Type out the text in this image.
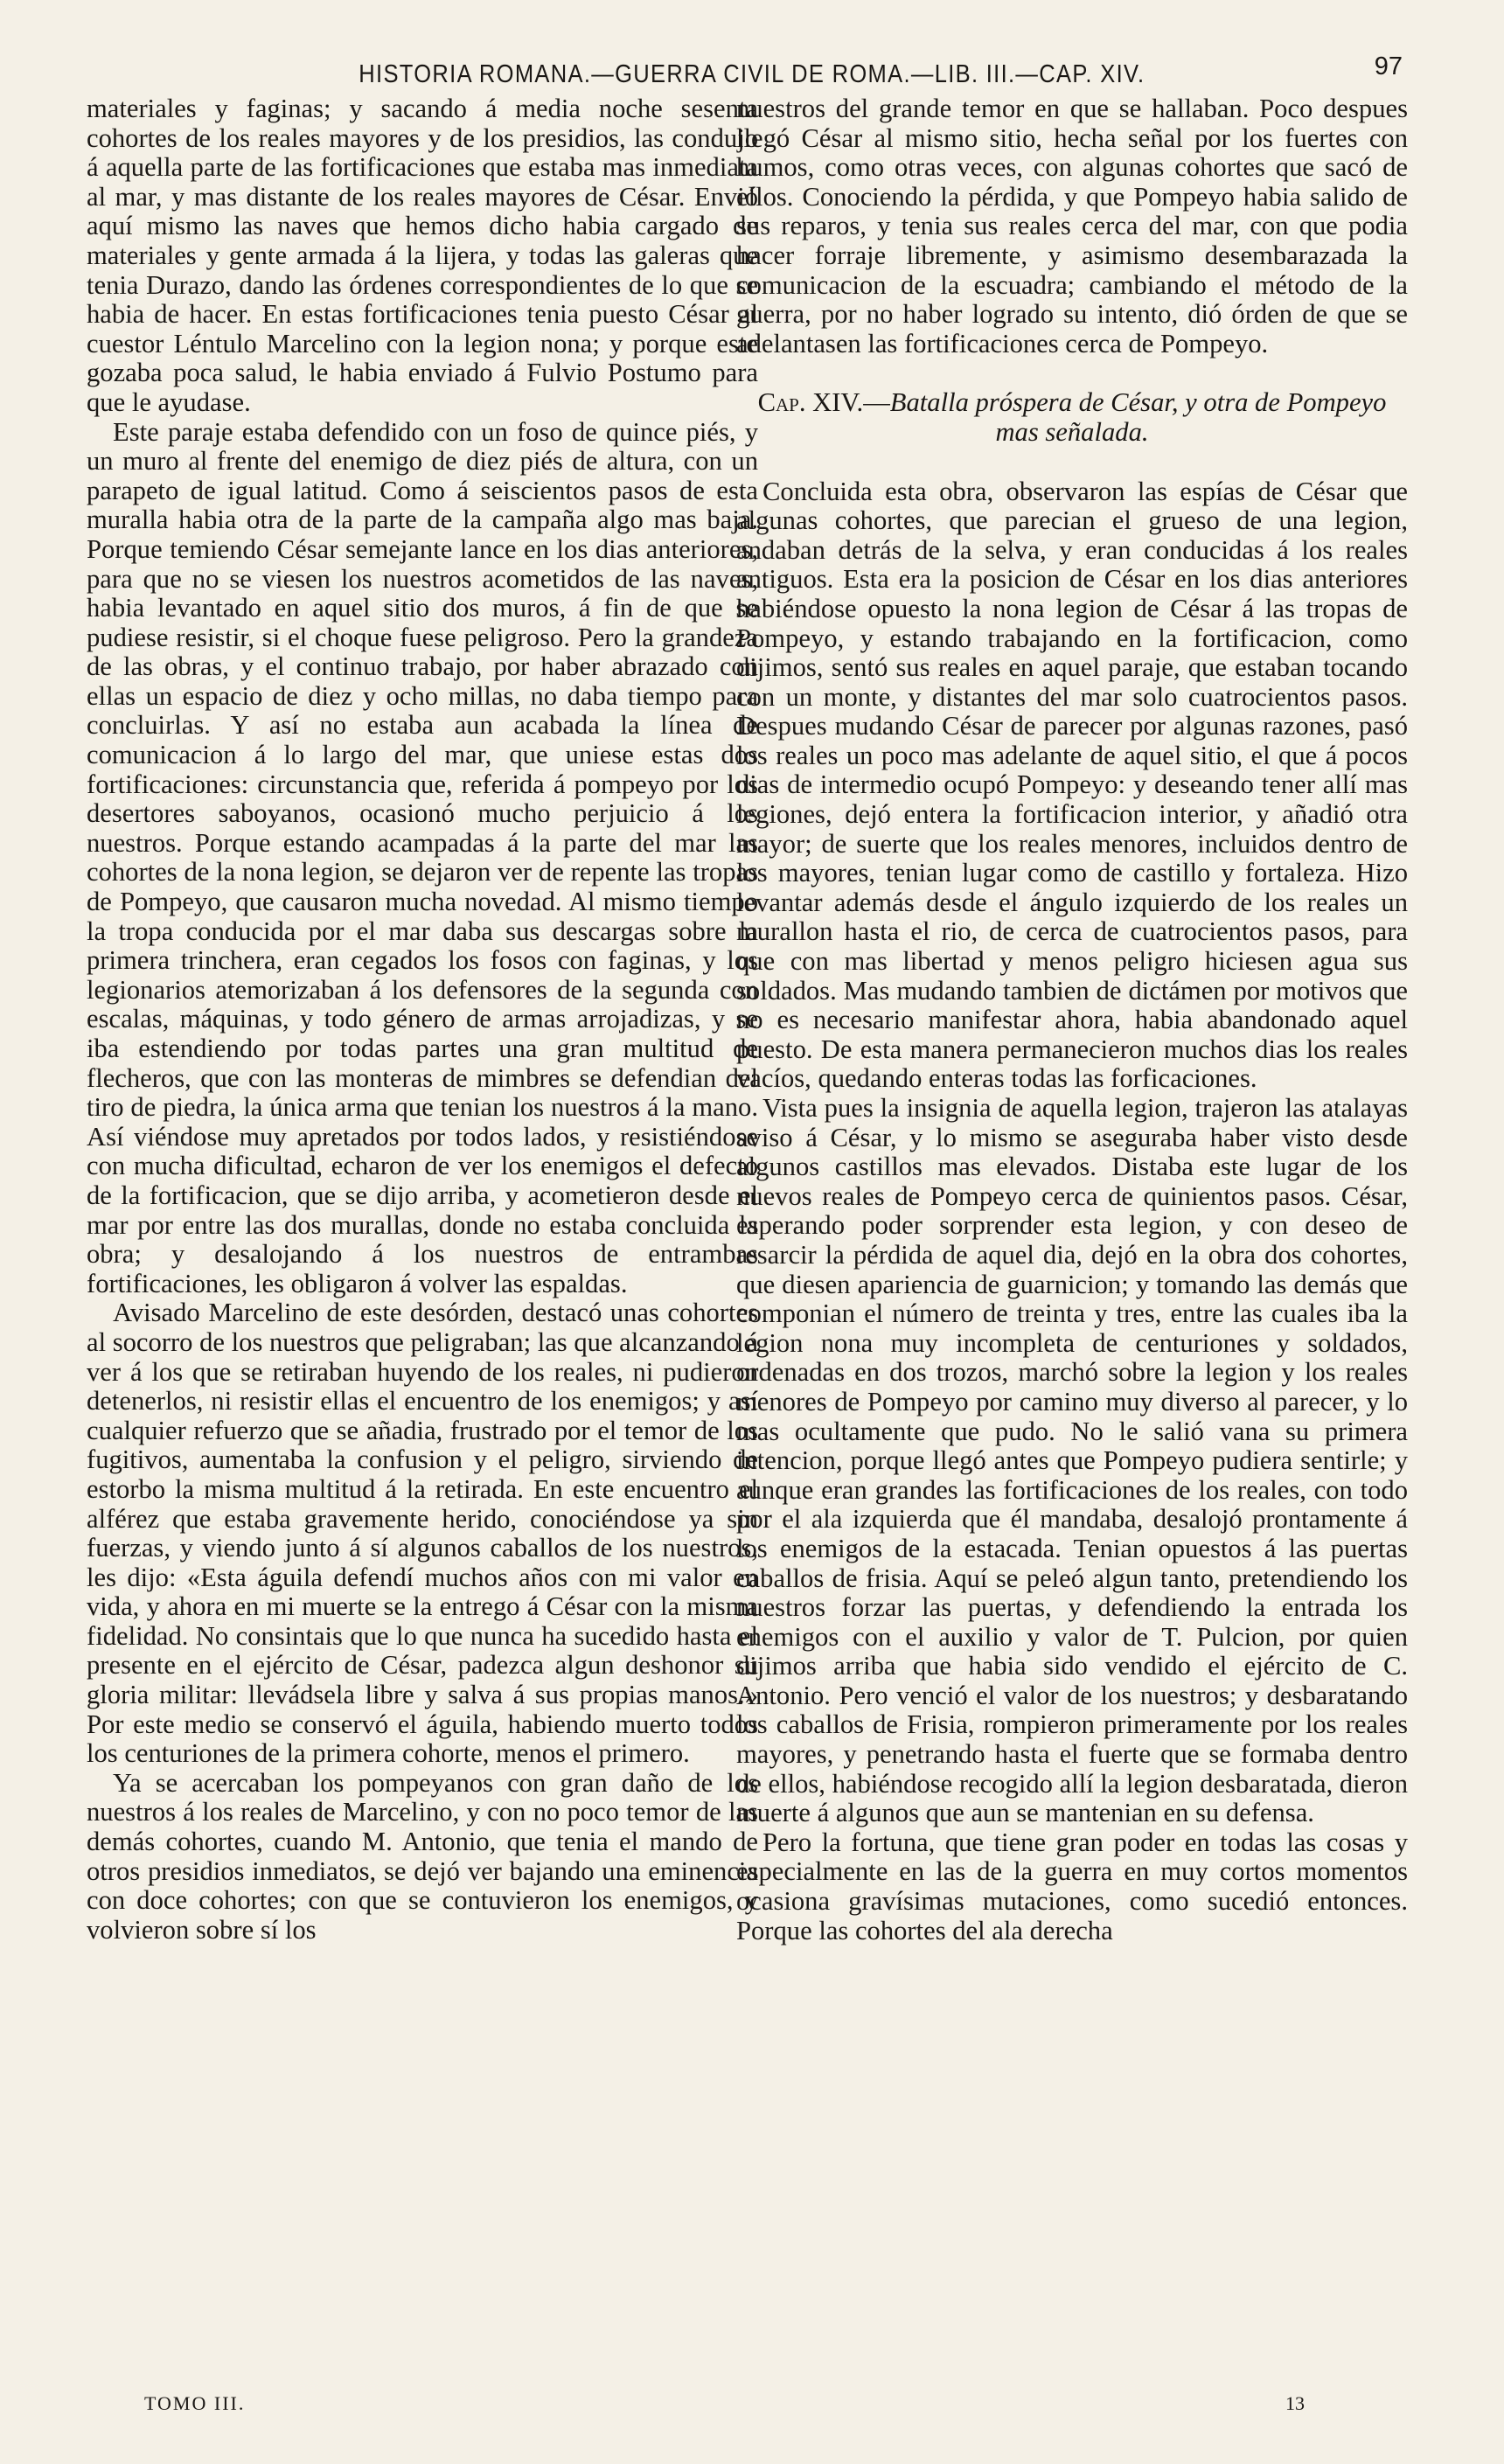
HISTORIA ROMANA.—GUERRA CIVIL DE ROMA.—LIB. III.—CAP. XIV.	97

materiales y faginas; y sacando á media noche sesenta cohortes de los reales mayores y de los presidios, las condujo á aquella parte de las fortificaciones que estaba mas inmediata al mar, y mas distante de los reales mayores de César. Envió aquí mismo las naves que hemos dicho habia cargado de materiales y gente armada á la lijera, y todas las galeras que tenia Durazo, dando las órdenes correspondientes de lo que se habia de hacer. En estas fortificaciones tenia puesto César al cuestor Léntulo Marcelino con la legion nona; y porque este gozaba poca salud, le habia enviado á Fulvio Postumo para que le ayudase.

Este paraje estaba defendido con un foso de quince piés, y un muro al frente del enemigo de diez piés de altura, con un parapeto de igual latitud. Como á seiscientos pasos de esta muralla habia otra de la parte de la campaña algo mas baja. Porque temiendo César semejante lance en los dias anteriores, para que no se viesen los nuestros acometidos de las naves, habia levantado en aquel sitio dos muros, á fin de que se pudiese resistir, si el choque fuese peligroso. Pero la grandeza de las obras, y el continuo trabajo, por haber abrazado con ellas un espacio de diez y ocho millas, no daba tiempo para concluirlas. Y así no estaba aun acabada la línea de comunicacion á lo largo del mar, que uniese estas dos fortificaciones: circunstancia que, referida á pompeyo por los desertores saboyanos, ocasionó mucho perjuicio á los nuestros. Porque estando acampadas á la parte del mar las cohortes de la nona legion, se dejaron ver de repente las tropas de Pompeyo, que causaron mucha novedad. Al mismo tiempo la tropa conducida por el mar daba sus descargas sobre la primera trinchera, eran cegados los fosos con faginas, y los legionarios atemorizaban á los defensores de la segunda con escalas, máquinas, y todo género de armas arrojadizas, y se iba estendiendo por todas partes una gran multitud de flecheros, que con las monteras de mimbres se defendian del tiro de piedra, la única arma que tenian los nuestros á la mano. Así viéndose muy apretados por todos lados, y resistiéndose con mucha dificultad, echaron de ver los enemigos el defecto de la fortificacion, que se dijo arriba, y acometieron desde el mar por entre las dos murallas, donde no estaba concluida la obra; y desalojando á los nuestros de entrambas fortificaciones, les obligaron á volver las espaldas.

Avisado Marcelino de este desórden, destacó unas cohortes al socorro de los nuestros que peligraban; las que alcanzando á ver á los que se retiraban huyendo de los reales, ni pudieron detenerlos, ni resistir ellas el encuentro de los enemigos; y así cualquier refuerzo que se añadia, frustrado por el temor de los fugitivos, aumentaba la confusion y el peligro, sirviendo de estorbo la misma multitud á la retirada. En este encuentro el alférez que estaba gravemente herido, conociéndose ya sin fuerzas, y viendo junto á sí algunos caballos de los nuestros, les dijo: «Esta águila defendí muchos años con mi valor en vida, y ahora en mi muerte se la entrego á César con la misma fidelidad. No consintais que lo que nunca ha sucedido hasta el presente en el ejército de César, padezca algun deshonor su gloria militar: llevádsela libre y salva á sus propias manos.» Por este medio se conservó el águila, habiendo muerto todos los centuriones de la primera cohorte, menos el primero.

Ya se acercaban los pompeyanos con gran daño de los nuestros á los reales de Marcelino, y con no poco temor de las demás cohortes, cuando M. Antonio, que tenia el mando de otros presidios inmediatos, se dejó ver bajando una eminencia con doce cohortes; con que se contuvieron los enemigos, y volvieron sobre sí los

nuestros del grande temor en que se hallaban. Poco despues llegó César al mismo sitio, hecha señal por los fuertes con humos, como otras veces, con algunas cohortes que sacó de ellos. Conociendo la pérdida, y que Pompeyo habia salido de sus reparos, y tenia sus reales cerca del mar, con que podia hacer forraje libremente, y asimismo desembarazada la comunicacion de la escuadra; cambiando el método de la guerra, por no haber logrado su intento, dió órden de que se adelantasen las fortificaciones cerca de Pompeyo.

Cap. XIV.—Batalla próspera de César, y otra de Pompeyo mas señalada.

Concluida esta obra, observaron las espías de César que algunas cohortes, que parecian el grueso de una legion, andaban detrás de la selva, y eran conducidas á los reales antiguos. Esta era la posicion de César en los dias anteriores habiéndose opuesto la nona legion de César á las tropas de Pompeyo, y estando trabajando en la fortificacion, como dijimos, sentó sus reales en aquel paraje, que estaban tocando con un monte, y distantes del mar solo cuatrocientos pasos. Despues mudando César de parecer por algunas razones, pasó los reales un poco mas adelante de aquel sitio, el que á pocos dias de intermedio ocupó Pompeyo: y deseando tener allí mas legiones, dejó entera la fortificacion interior, y añadió otra mayor; de suerte que los reales menores, incluidos dentro de los mayores, tenian lugar como de castillo y fortaleza. Hizo levantar además desde el ángulo izquierdo de los reales un murallon hasta el rio, de cerca de cuatrocientos pasos, para que con mas libertad y menos peligro hiciesen agua sus soldados. Mas mudando tambien de dictámen por motivos que no es necesario manifestar ahora, habia abandonado aquel puesto. De esta manera permanecieron muchos dias los reales vacíos, quedando enteras todas las forficaciones.

Vista pues la insignia de aquella legion, trajeron las atalayas aviso á César, y lo mismo se aseguraba haber visto desde algunos castillos mas elevados. Distaba este lugar de los nuevos reales de Pompeyo cerca de quinientos pasos. César, esperando poder sorprender esta legion, y con deseo de resarcir la pérdida de aquel dia, dejó en la obra dos cohortes, que diesen apariencia de guarnicion; y tomando las demás que componian el número de treinta y tres, entre las cuales iba la legion nona muy incompleta de centuriones y soldados, ordenadas en dos trozos, marchó sobre la legion y los reales menores de Pompeyo por camino muy diverso al parecer, y lo mas ocultamente que pudo. No le salió vana su primera intencion, porque llegó antes que Pompeyo pudiera sentirle; y aunque eran grandes las fortificaciones de los reales, con todo por el ala izquierda que él mandaba, desalojó prontamente á los enemigos de la estacada. Tenian opuestos á las puertas caballos de frisia. Aquí se peleó algun tanto, pretendiendo los nuestros forzar las puertas, y defendiendo la entrada los enemigos con el auxilio y valor de T. Pulcion, por quien dijimos arriba que habia sido vendido el ejército de C. Antonio. Pero venció el valor de los nuestros; y desbaratando los caballos de Frisia, rompieron primeramente por los reales mayores, y penetrando hasta el fuerte que se formaba dentro de ellos, habiéndose recogido allí la legion desbaratada, dieron muerte á algunos que aun se mantenian en su defensa.

Pero la fortuna, que tiene gran poder en todas las cosas y especialmente en las de la guerra en muy cortos momentos ocasiona gravísimas mutaciones, como sucedió entonces. Porque las cohortes del ala derecha

TOMO III.	13
